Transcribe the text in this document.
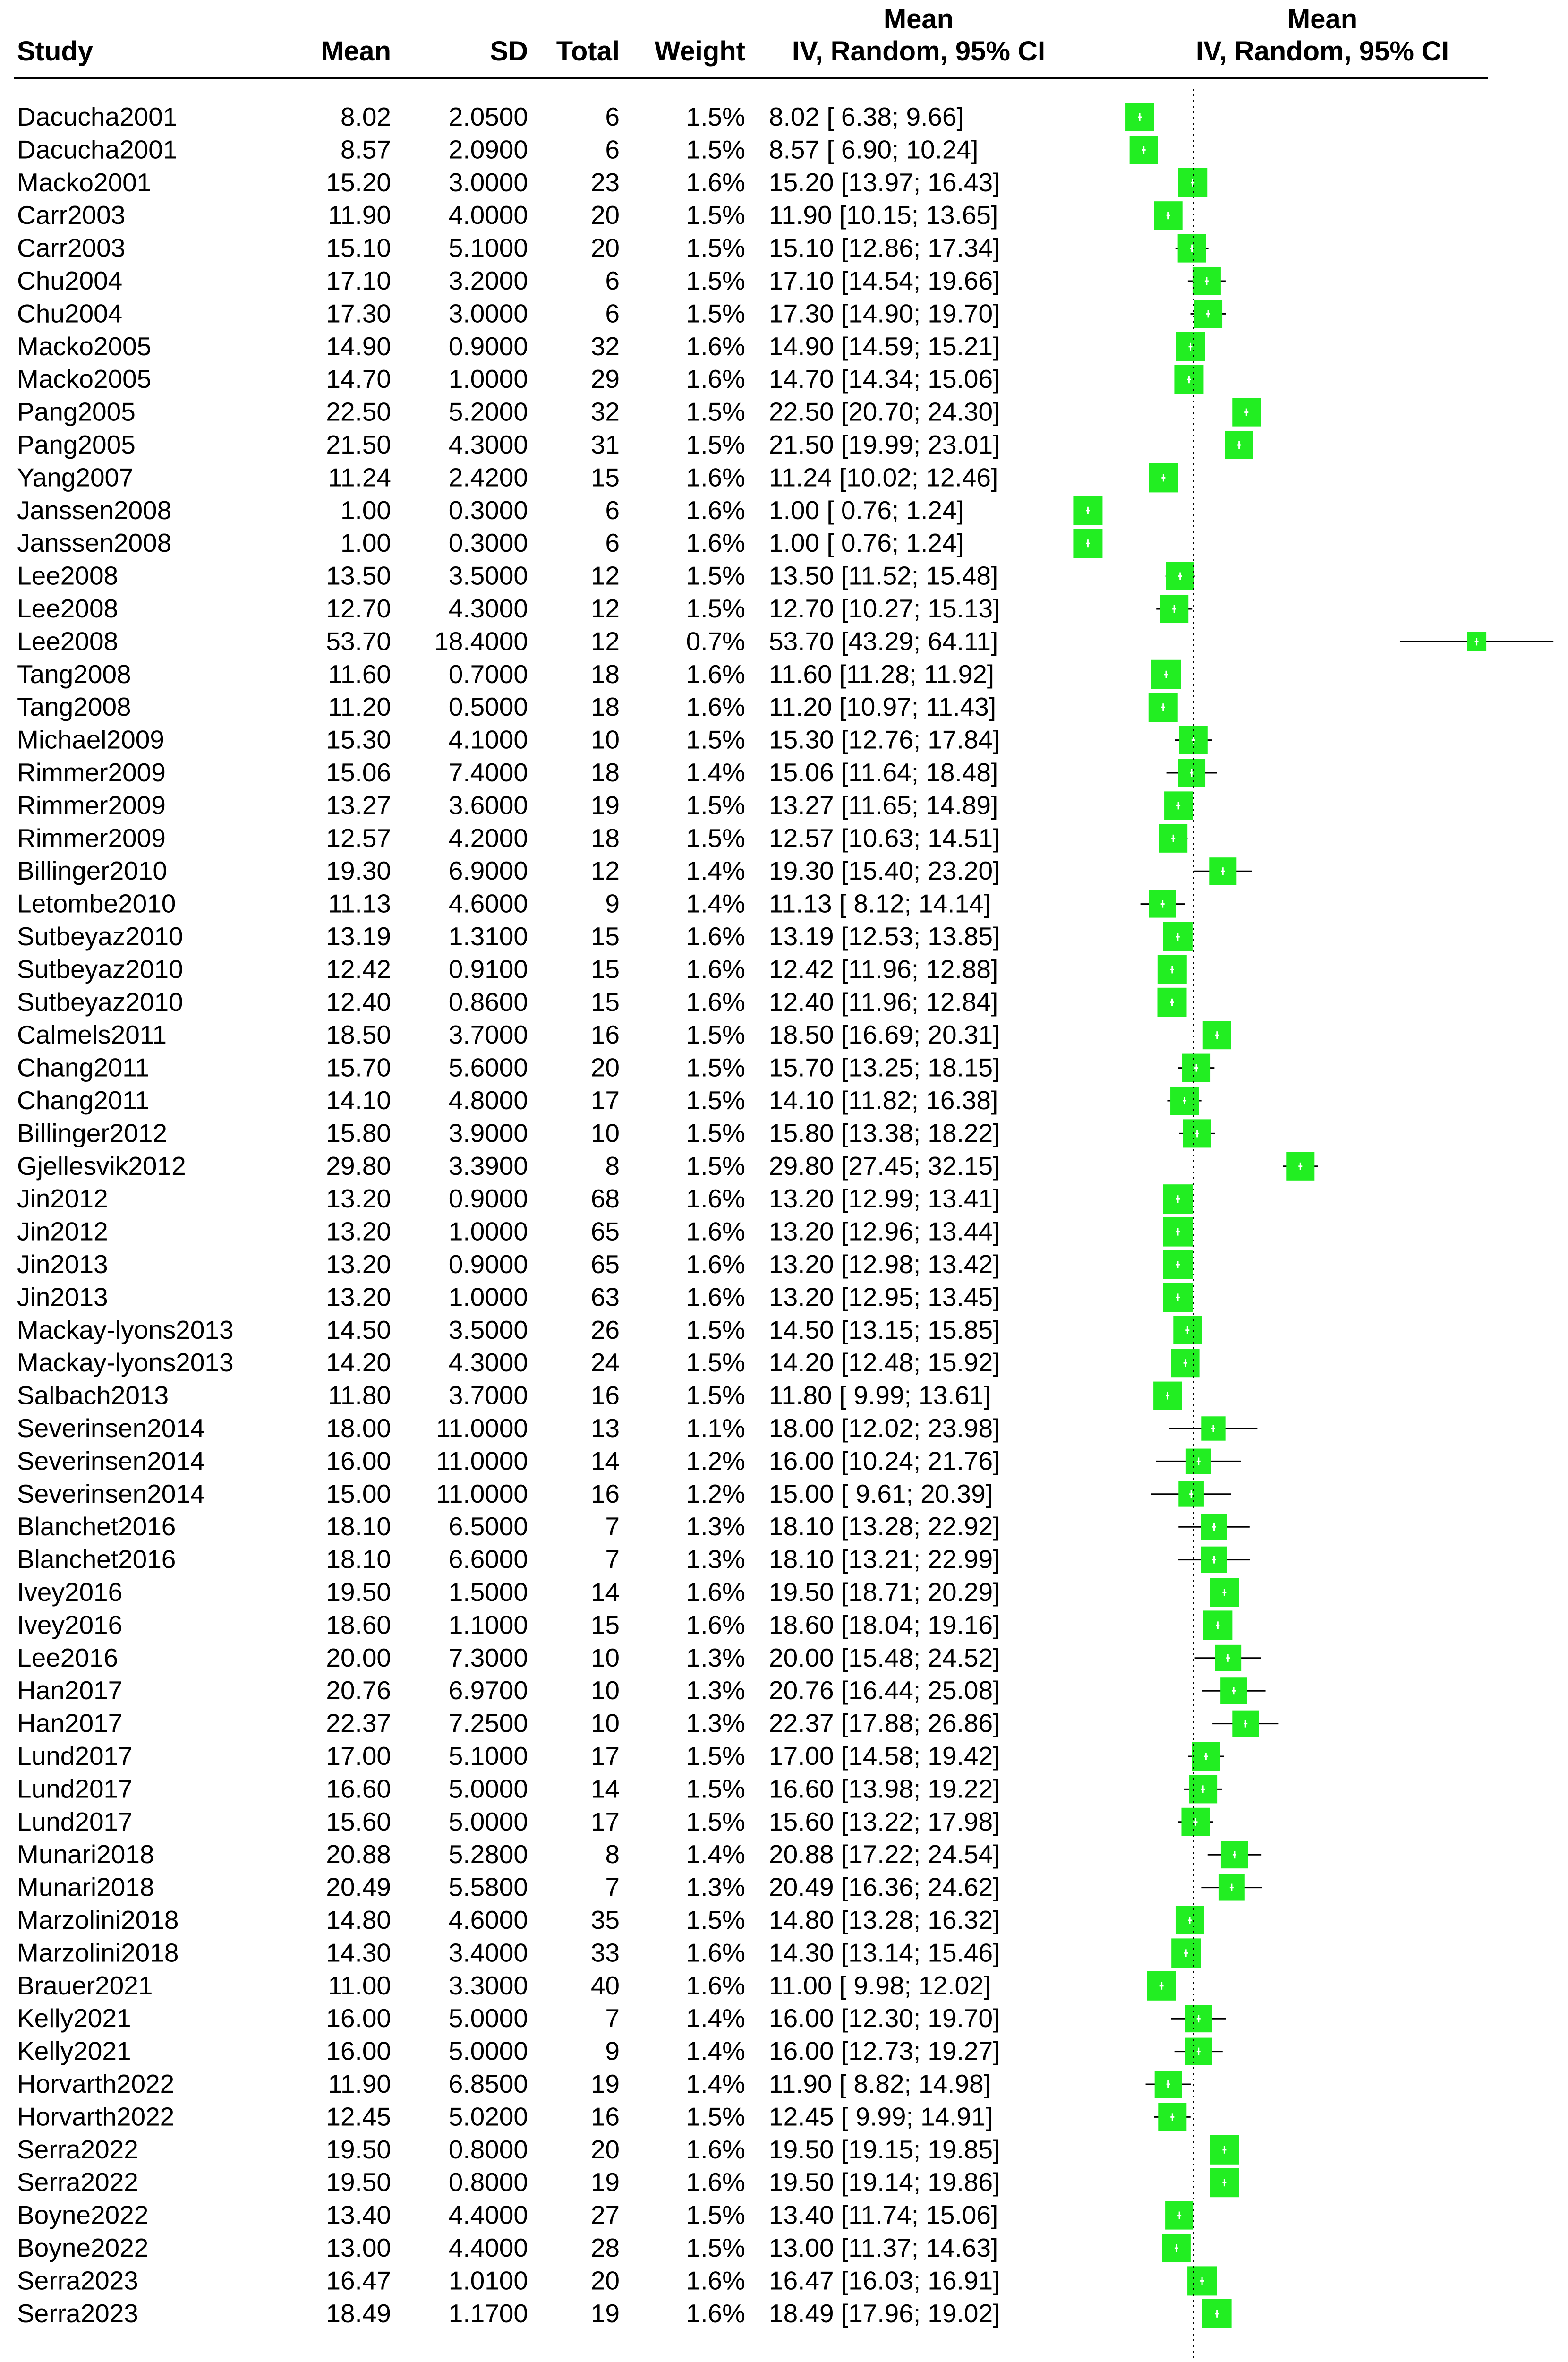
Study	Mean	SD Total Weight
Mean
IV, Random, 95% CI
Mean
IV, Random, 95% CI
Dacucha2001	8.02 2.0500	6	1.5% 8.02 [ 6.38; 9.66]
Dacucha2001	8.57 2.0900	6	1.5% 8.57 [ 6.90; 10.24]
Macko2001	15.20 3.0000 23	1.6% 15.20 [13.97; 16.43]
Carr2003	11.90 4.0000 20	1.5% 11.90 [10.15; 13.65]
Carr2003	15.10 5.1000 20	1.5% 15.10 [12.86; 17.34]
Chu2004	17.10 3.2000	6	1.5% 17.10 [14.54; 19.66]
Chu2004	17.30 3.0000	6	1.5% 17.30 [14.90; 19.70]
Macko2005	14.90 0.9000 32	1.6% 14.90 [14.59; 15.21]
Macko2005	14.70 1.0000 29	1.6% 14.70 [14.34; 15.06]
Pang2005	22.50 5.2000 32	1.5% 22.50 [20.70; 24.30]
Pang2005	21.50 4.3000 31	1.5% 21.50 [19.99; 23.01]
Yang2007	11.24 2.4200 15	1.6% 11.24 [10.02; 12.46]
Janssen2008	1.00 0.3000	6	1.6% 1.00 [ 0.76; 1.24]
Janssen2008	1.00 0.3000	6	1.6% 1.00 [ 0.76; 1.24]
Lee2008	13.50 3.5000 12	1.5% 13.50 [11.52; 15.48]
Lee2008	12.70 4.3000 12	1.5% 12.70 [10.27; 15.13]
Lee2008	53.70 18.4000 12	0.7% 53.70 [43.29; 64.11]
Tang2008	11.60 0.7000 18	1.6% 11.60 [11.28; 11.92]
Tang2008	11.20 0.5000 18	1.6% 11.20 [10.97; 11.43]
Michael2009	15.30 4.1000 10	1.5% 15.30 [12.76; 17.84]
Rimmer2009	15.06 7.4000 18	1.4% 15.06 [11.64; 18.48]
Rimmer2009	13.27 3.6000 19	1.5% 13.27 [11.65; 14.89]
Rimmer2009	12.57 4.2000 18	1.5% 12.57 [10.63; 14.51]
Billinger2010	19.30 6.9000 12	1.4% 19.30 [15.40; 23.20]
Letombe2010	11.13 4.6000	9	1.4% 11.13 [ 8.12; 14.14]
Sutbeyaz2010	13.19 1.3100 15	1.6% 13.19 [12.53; 13.85]
Sutbeyaz2010	12.42 0.9100 15	1.6% 12.42 [11.96; 12.88]
Sutbeyaz2010	12.40 0.8600 15	1.6% 12.40 [11.96; 12.84]
Calmels2011	18.50 3.7000 16	1.5% 18.50 [16.69; 20.31]
Chang2011	15.70 5.6000 20	1.5% 15.70 [13.25; 18.15]
Chang2011	14.10 4.8000 17	1.5% 14.10 [11.82; 16.38]
Billinger2012	15.80 3.9000 10	1.5% 15.80 [13.38; 18.22]
Gjellesvik2012	29.80 3.3900	8	1.5% 29.80 [27.45; 32.15]
Jin2012	13.20 0.9000 68	1.6% 13.20 [12.99; 13.41]
Jin2012	13.20 1.0000 65	1.6% 13.20 [12.96; 13.44]
Jin2013	13.20 0.9000 65	1.6% 13.20 [12.98; 13.42]
Jin2013	13.20 1.0000 63	1.6% 13.20 [12.95; 13.45]
Mackay-lyons2013	14.50 3.5000 26	1.5% 14.50 [13.15; 15.85]
Mackay-lyons2013	14.20 4.3000 24	1.5% 14.20 [12.48; 15.92]
Salbach2013	11.80 3.7000 16	1.5% 11.80 [ 9.99; 13.61]
Severinsen2014	18.00 11.0000 13	1.1% 18.00 [12.02; 23.98]
Severinsen2014	16.00 11.0000 14	1.2% 16.00 [10.24; 21.76]
Severinsen2014	15.00 11.0000 16	1.2% 15.00 [ 9.61; 20.39]
Blanchet2016	18.10 6.5000	7	1.3% 18.10 [13.28; 22.92]
Blanchet2016	18.10 6.6000	7	1.3% 18.10 [13.21; 22.99]
Ivey2016	19.50 1.5000 14	1.6% 19.50 [18.71; 20.29]
Ivey2016	18.60 1.1000 15	1.6% 18.60 [18.04; 19.16]
Lee2016	20.00 7.3000 10	1.3% 20.00 [15.48; 24.52]
Han2017	20.76 6.9700 10	1.3% 20.76 [16.44; 25.08]
Han2017	22.37 7.2500 10	1.3% 22.37 [17.88; 26.86]
Lund2017	17.00 5.1000 17	1.5% 17.00 [14.58; 19.42]
Lund2017	16.60 5.0000 14	1.5% 16.60 [13.98; 19.22]
Lund2017	15.60 5.0000 17	1.5% 15.60 [13.22; 17.98]
Munari2018	20.88 5.2800	8	1.4% 20.88 [17.22; 24.54]
Munari2018	20.49 5.5800	7	1.3% 20.49 [16.36; 24.62]
Marzolini2018	14.80 4.6000 35	1.5% 14.80 [13.28; 16.32]
Marzolini2018	14.30 3.4000 33	1.6% 14.30 [13.14; 15.46]
Brauer2021	11.00 3.3000 40	1.6% 11.00 [ 9.98; 12.02]
Kelly2021	16.00 5.0000	7	1.4% 16.00 [12.30; 19.70]
Kelly2021	16.00 5.0000	9	1.4% 16.00 [12.73; 19.27]
Horvarth2022	11.90 6.8500 19	1.4% 11.90 [ 8.82; 14.98]
Horvarth2022	12.45 5.0200 16	1.5% 12.45 [ 9.99; 14.91]
Serra2022	19.50 0.8000 20	1.6% 19.50 [19.15; 19.85]
Serra2022	19.50 0.8000 19	1.6% 19.50 [19.14; 19.86]
Boyne2022	13.40 4.4000 27	1.5% 13.40 [11.74; 15.06]
Boyne2022	13.00 4.4000 28	1.5% 13.00 [11.37; 14.63]
Serra2023	16.47 1.0100 20	1.6% 16.47 [16.03; 16.91]
Serra2023	18.49 1.1700 19	1.6% 18.49 [17.96; 19.02]
